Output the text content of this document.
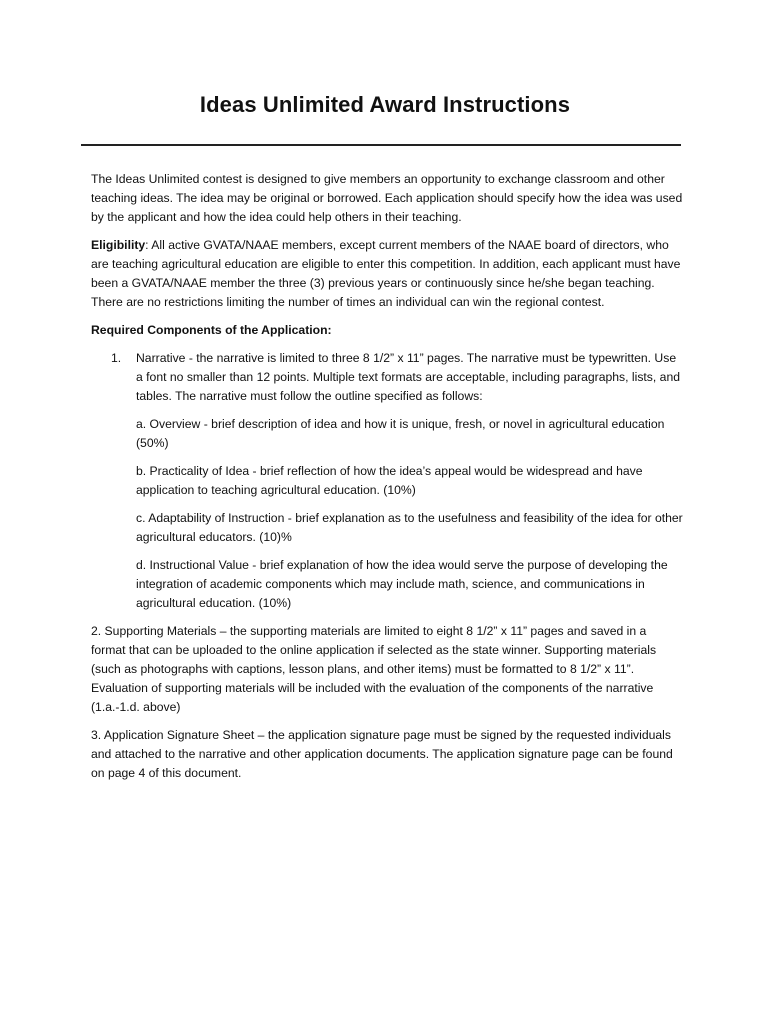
Ideas Unlimited Award Instructions

The Ideas Unlimited contest is designed to give members an opportunity to exchange classroom and other teaching ideas. The idea may be original or borrowed. Each application should specify how the idea was used by the applicant and how the idea could help others in their teaching.

Eligibility: All active GVATA/NAAE members, except current members of the NAAE board of directors, who are teaching agricultural education are eligible to enter this competition. In addition, each applicant must have been a GVATA/NAAE member the three (3) previous years or continuously since he/she began teaching. There are no restrictions limiting the number of times an individual can win the regional contest.

Required Components of the Application:

1. Narrative - the narrative is limited to three 8 1/2” x 11” pages. The narrative must be typewritten. Use a font no smaller than 12 points. Multiple text formats are acceptable, including paragraphs, lists, and tables. The narrative must follow the outline specified as follows:

a. Overview - brief description of idea and how it is unique, fresh, or novel in agricultural education (50%)

b. Practicality of Idea - brief reflection of how the idea’s appeal would be widespread and have application to teaching agricultural education. (10%)

c. Adaptability of Instruction - brief explanation as to the usefulness and feasibility of the idea for other agricultural educators. (10)%

d. Instructional Value - brief explanation of how the idea would serve the purpose of developing the integration of academic components which may include math, science, and communications in agricultural education. (10%)

2. Supporting Materials – the supporting materials are limited to eight 8 1/2” x 11” pages and saved in a format that can be uploaded to the online application if selected as the state winner. Supporting materials (such as photographs with captions, lesson plans, and other items) must be formatted to 8 1/2” x 11”. Evaluation of supporting materials will be included with the evaluation of the components of the narrative (1.a.-1.d. above)

3. Application Signature Sheet – the application signature page must be signed by the requested individuals and attached to the narrative and other application documents. The application signature page can be found on page 4 of this document.
